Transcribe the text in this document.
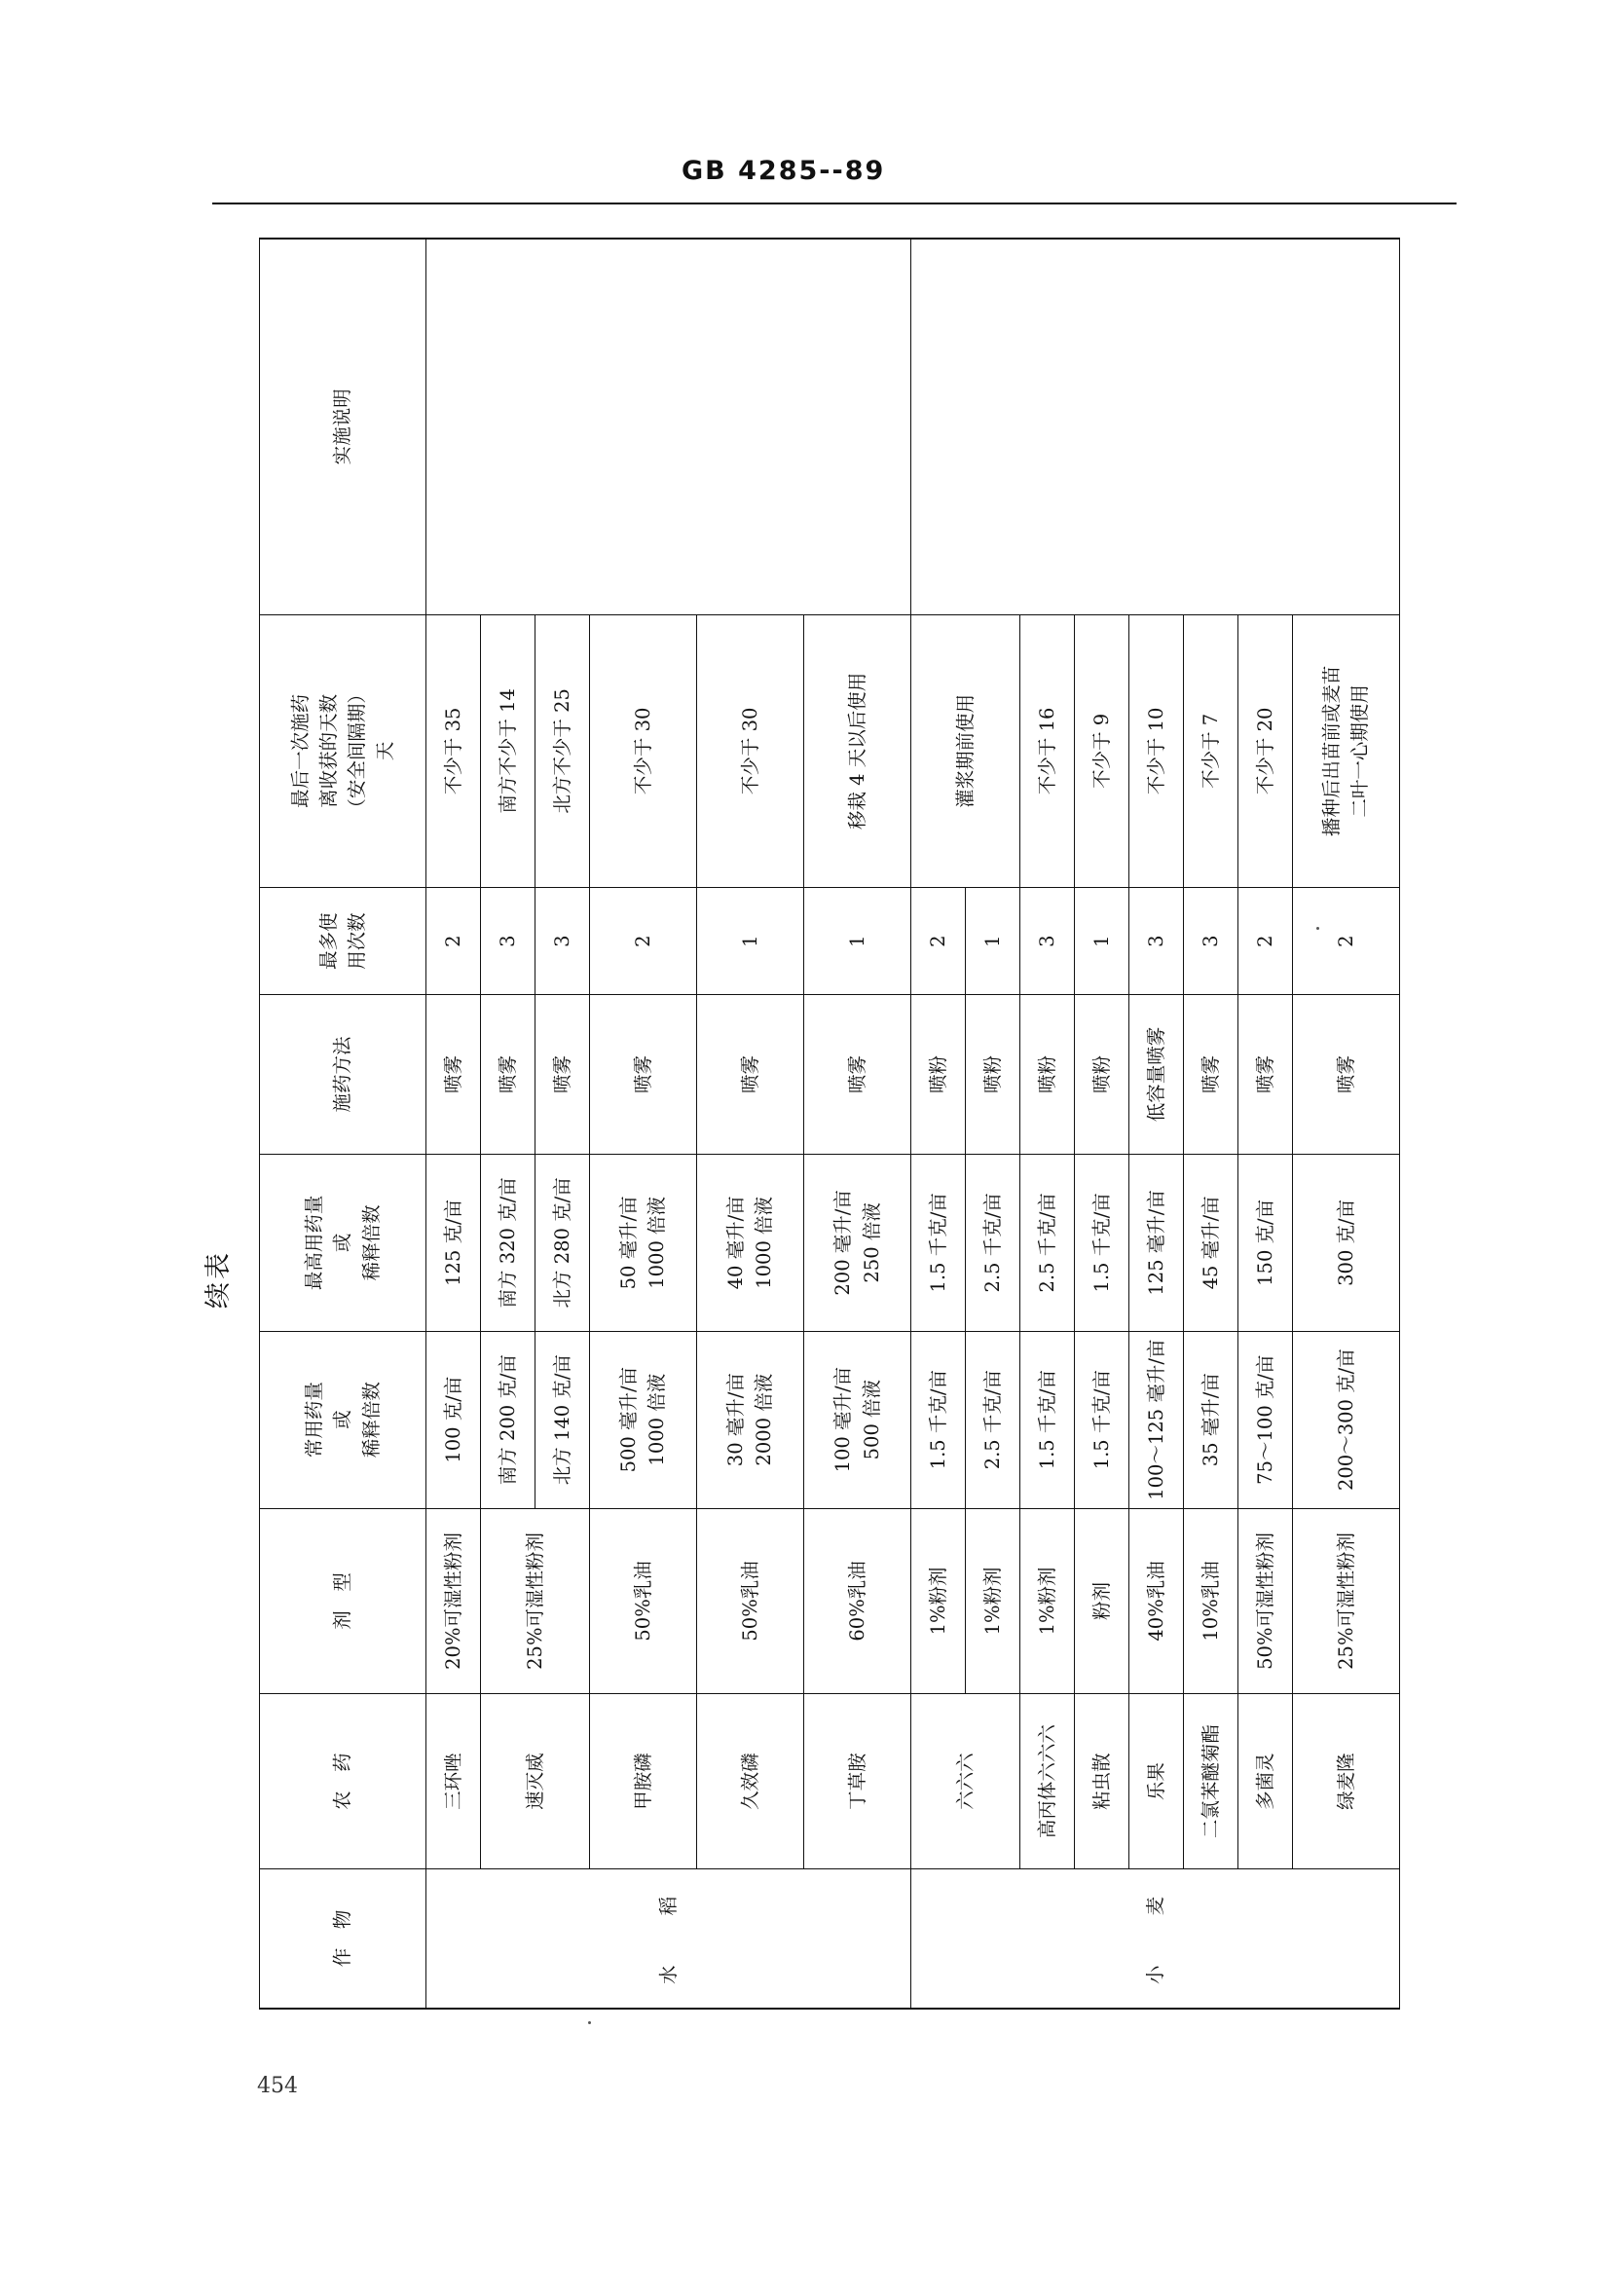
GB 4285--89
续表
作　物	农　药	剂　型	常用药量
或
稀释倍数	最高用药量
或
稀释倍数	施药方法	最多使
用次数	最后一次施药
离收获的天数
（安全间隔期）
天	实施说明
水　　稻	三环唑	20%可湿性粉剂	100 克/亩	125 克/亩	喷雾	2	不少于 35	
	速灭威	25%可湿性粉剂	南方 200 克/亩	南方 320 克/亩	喷雾	3	南方不少于 14	
			北方 140 克/亩	北方 280 克/亩	喷雾	3	北方不少于 25	
	甲胺磷	50%乳油	500 毫升/亩
1000 倍液	50 毫升/亩
1000 倍液	喷雾	2	不少于 30	
	久效磷	50%乳油	30 毫升/亩
2000 倍液	40 毫升/亩
1000 倍液	喷雾	1	不少于 30	
	丁草胺	60%乳油	100 毫升/亩
500 倍液	200 毫升/亩
250 倍液	喷雾	1	移栽 4 天以后使用	
小　　麦	六六六	1%粉剂	1.5 千克/亩	1.5 千克/亩	喷粉	2	灌浆期前使用	
		1%粉剂	2.5 千克/亩	2.5 千克/亩	喷粉	1		
	高丙体六六六	1%粉剂	1.5 千克/亩	2.5 千克/亩	喷粉	3	不少于 16	
	粘虫散	粉剂	1.5 千克/亩	1.5 千克/亩	喷粉	1	不少于 9	
	乐果	40%乳油	100～125 毫升/亩	125 毫升/亩	低容量喷雾	3	不少于 10	
	二氯苯醚菊酯	10%乳油	35 毫升/亩	45 毫升/亩	喷雾	3	不少于 7	
	多菌灵	50%可湿性粉剂	75～100 克/亩	150 克/亩	喷雾	2	不少于 20	
	绿麦隆	25%可湿性粉剂	200～300 克/亩	300 克/亩	喷雾	2	播种后出苗前或麦苗
二叶一心期使用	
454
